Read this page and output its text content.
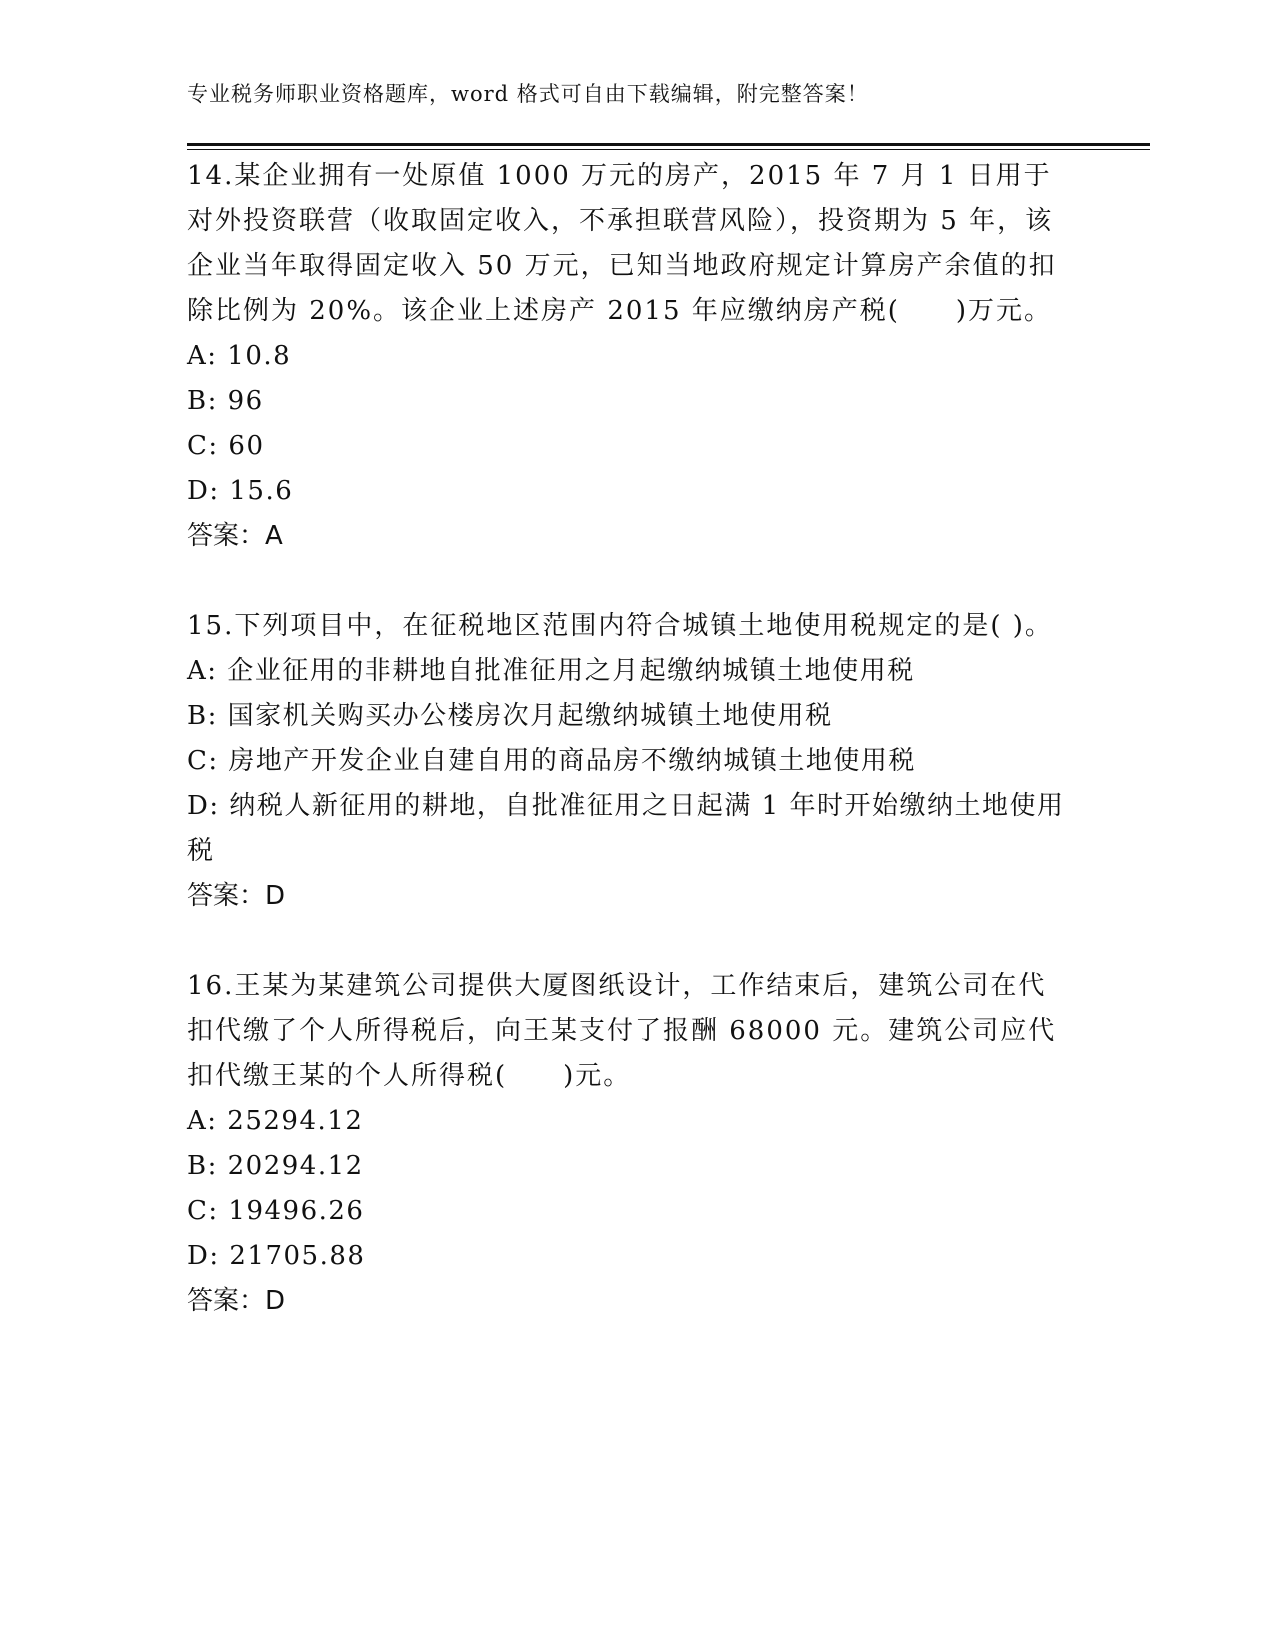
专业税务师职业资格题库，word 格式可自由下载编辑，附完整答案！

14.某企业拥有一处原值 1000 万元的房产，2015 年 7 月 1 日用于对外投资联营（收取固定收入，不承担联营风险），投资期为 5 年，该企业当年取得固定收入 50 万元，已知当地政府规定计算房产余值的扣除比例为 20%。该企业上述房产 2015 年应缴纳房产税(　　)万元。

A: 10.8

B: 96

C: 60

D: 15.6

答案：A

15.下列项目中，在征税地区范围内符合城镇土地使用税规定的是( )。

A: 企业征用的非耕地自批准征用之月起缴纳城镇土地使用税

B: 国家机关购买办公楼房次月起缴纳城镇土地使用税

C: 房地产开发企业自建自用的商品房不缴纳城镇土地使用税

D: 纳税人新征用的耕地，自批准征用之日起满 1 年时开始缴纳土地使用税

答案：D

16.王某为某建筑公司提供大厦图纸设计，工作结束后，建筑公司在代扣代缴了个人所得税后，向王某支付了报酬 68000 元。建筑公司应代扣代缴王某的个人所得税(　　)元。

A: 25294.12

B: 20294.12

C: 19496.26

D: 21705.88

答案：D
